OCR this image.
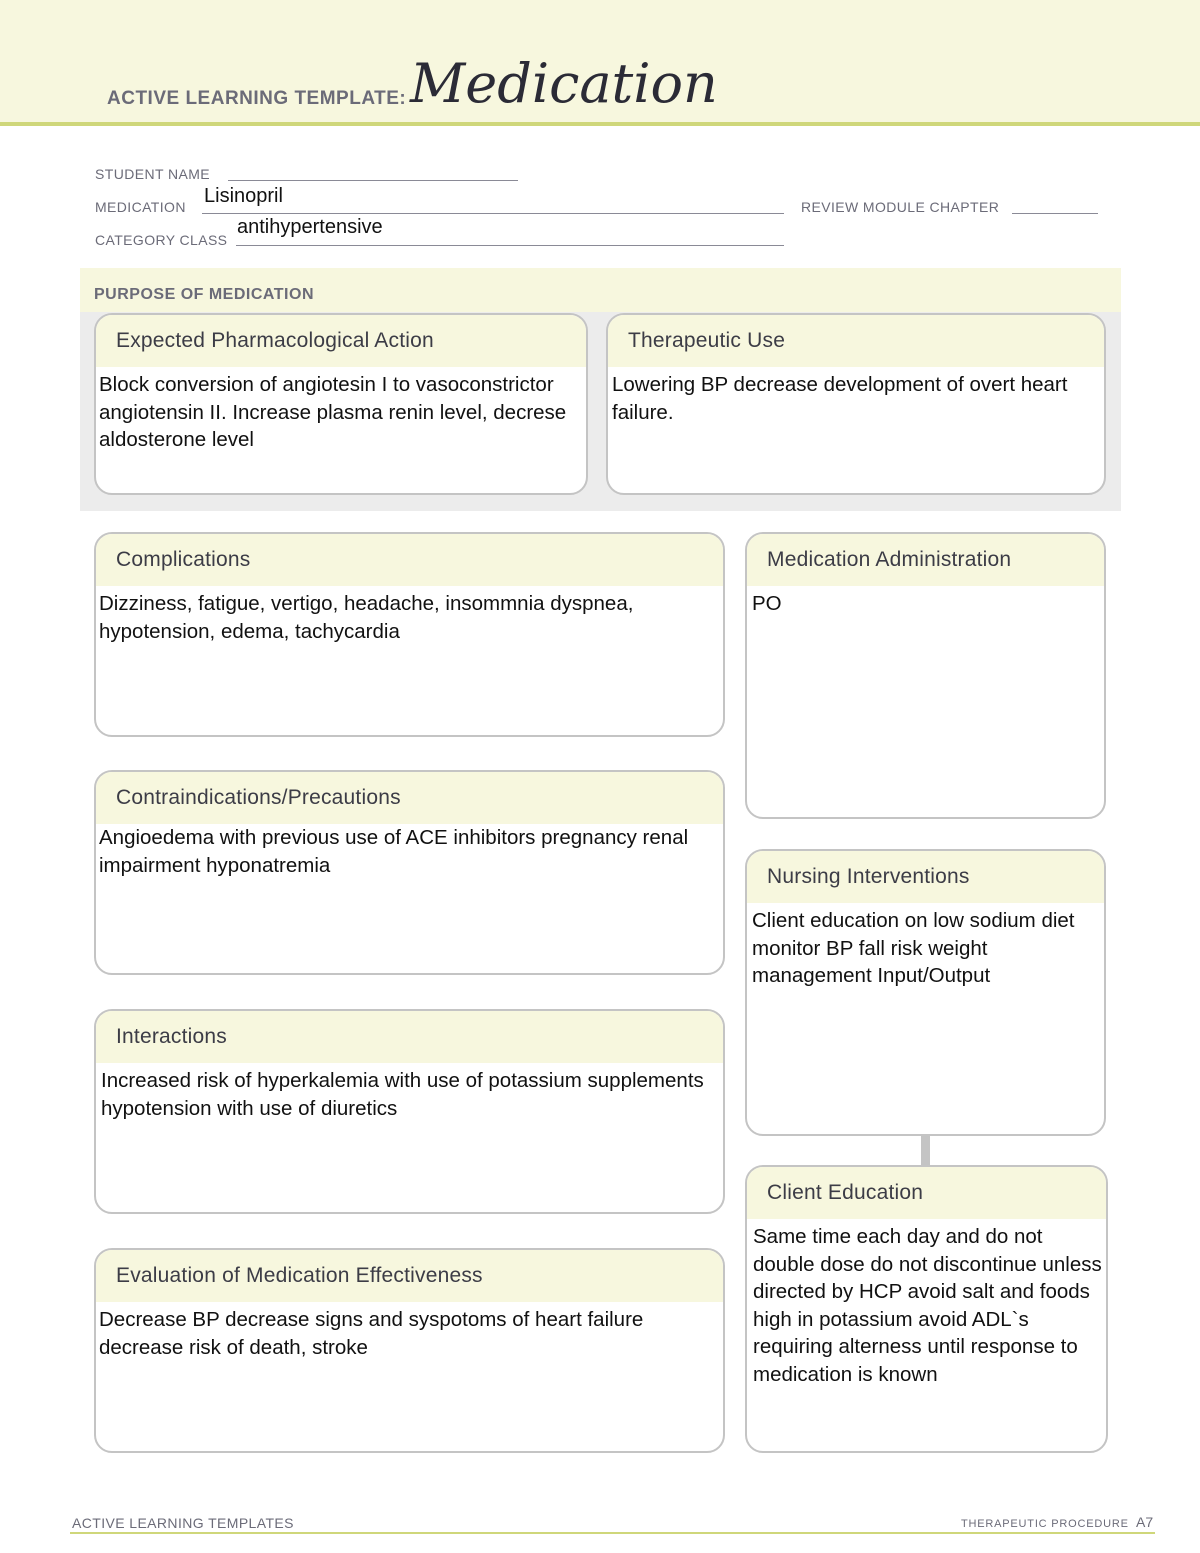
ACTIVE LEARNING TEMPLATE: Medication
STUDENT NAME
MEDICATION Lisinopril	REVIEW MODULE CHAPTER
CATEGORY CLASS
antihypertensive
PURPOSE OF MEDICATION
Expected Pharmacological Action
Block conversion of angiotesin I to vasoconstrictor angiotensin II. Increase plasma renin level, decrese aldosterone level
Therapeutic Use
Lowering BP decrease development of overt heart failure.
Complications
Dizziness, fatigue, vertigo, headache, insommnia dyspnea, hypotension, edema, tachycardia
Contraindications/Precautions
Angioedema with previous use of ACE inhibitors pregnancy renal impairment hyponatremia
Interactions
Increased risk of hyperkalemia with use of potassium supplements hypotension with use of diuretics
Evaluation of Medication Effectiveness
Decrease BP decrease signs and syspotoms of heart failure decrease risk of death, stroke
Medication Administration
PO
Nursing Interventions
Client education on low sodium diet monitor BP fall risk weight management Input/Output
Client Education
Same time each day and do not double dose do not discontinue unless directed by HCP avoid salt and foods high in potassium avoid ADL`s requiring alterness until response to medication is known
ACTIVE LEARNING TEMPLATES	THERAPEUTIC PROCEDURE A7
